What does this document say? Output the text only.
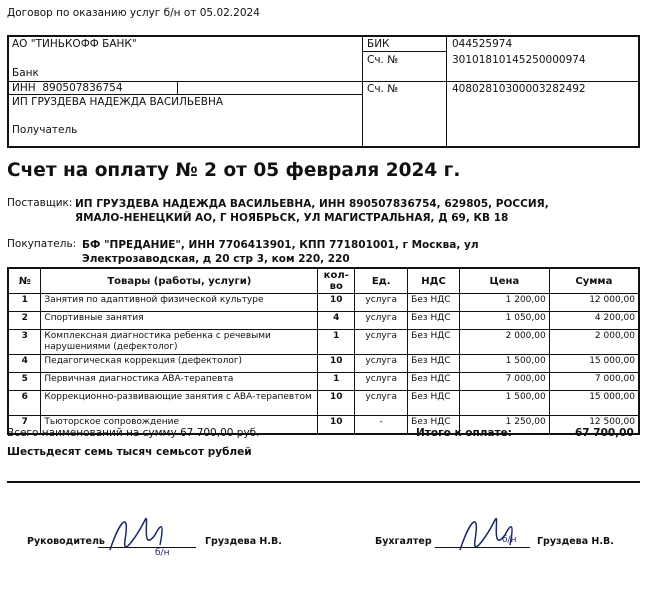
Договор по оказанию услуг б/н от 05.02.2024
АО "ТИНЬКОФФ БАНК"
Банк
БИК	044525974
Сч. №	30101810145250000974
ИНН 890507836754
ИП ГРУЗДЕВА НАДЕЖДА ВАСИЛЬЕВНА
Получатель
Сч. №	40802810300003282492
Счет на оплату № 2 от 05 февраля 2024 г.
Поставщик: ИП ГРУЗДЕВА НАДЕЖДА ВАСИЛЬЕВНА, ИНН 890507836754, 629805, РОССИЯ,
ЯМАЛО-НЕНЕЦКИЙ АО, Г НОЯБРЬСК, УЛ МАГИСТРАЛЬНАЯ, Д 69, КВ 18
Покупатель: БФ "ПРЕДАНИЕ", ИНН 7706413901, КПП 771801001, г Москва, ул
Электрозаводская, д 20 стр 3, ком 220, 220
№	Товары (работы, услуги)	кол-во	Ед.	НДС	Цена	Сумма
1	Занятия по адаптивной физической культуре	10	услуга	Без НДС	1 200,00	12 000,00
2	Спортивные занятия	4	услуга	Без НДС	1 050,00	4 200,00
3	Комплексная диагностика ребенка с речевыми нарушениями (дефектолог)	1	услуга	Без НДС	2 000,00	2 000,00
4	Педагогическая коррекция (дефектолог)	10	услуга	Без НДС	1 500,00	15 000,00
5	Первичная диагностика АВА-терапевта	1	услуга	Без НДС	7 000,00	7 000,00
6	Коррекционно-развивающие занятия с АВА-терапевтом	10	услуга	Без НДС	1 500,00	15 000,00
7	Тьюторское сопровождение	10	-	Без НДС	1 250,00	12 500,00
Всего наименований на сумму 67 700,00 руб.	Итого к оплате:	67 700,00
Шестьдесят семь тысяч семьсот рублей
Руководитель
б/н
Груздева Н.В.	Бухгалтер	б/н Груздева Н.В.
